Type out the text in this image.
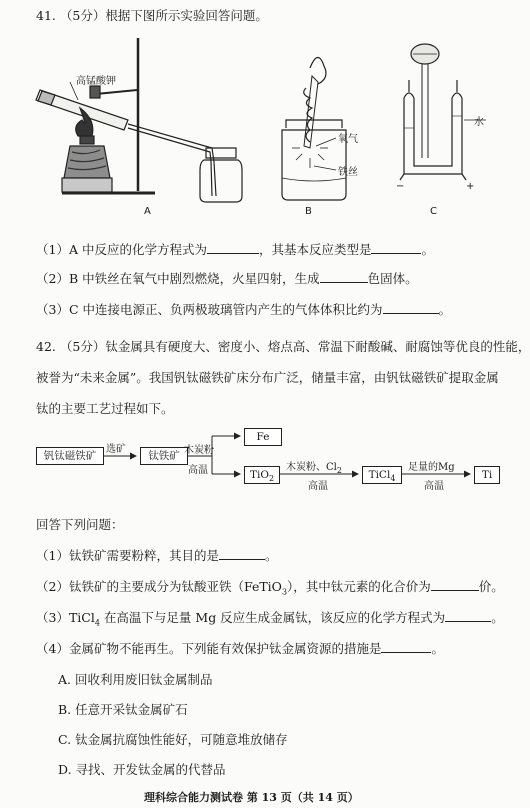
41. （5分）根据下图所示实验回答问题。
高锰酸钾
氧气
铁丝
水
−	+
A	B	C
（1）A 中反应的化学方程式为	，其基本反应类型是	。
（2）B 中铁丝在氧气中剧烈燃烧，火星四射，生成	色固体。
（3）C 中连接电源正、负两极玻璃管内产生的气体体积比约为	。
42. （5分）钛金属具有硬度大、密度小、熔点高、常温下耐酸碱、耐腐蚀等优良的性能，
被誉为“未来金属”。我国钒钛磁铁矿床分布广泛，储量丰富，由钒钛磁铁矿提取金属
钛的主要工艺过程如下。
钒钛磁铁矿
选矿
钛铁矿 木炭粉
高温
Fe
TiO$_2$
木炭粉、$Cl_2$
高温
TiCl$_4$
足量的Mg
高温
Ti
回答下列问题：
（1）钛铁矿需要粉粹，其目的是	。
（2）钛铁矿的主要成分为钛酸亚铁（FeTiO$_3$），其中钛元素的化合价为	价。
（3）TiCl$_4$ 在高温下与足量 Mg 反应生成金属钛，该反应的化学方程式为	。
（4）金属矿物不能再生。下列能有效保护钛金属资源的措施是	。
A. 回收利用废旧钛金属制品
B. 任意开采钛金属矿石
C. 钛金属抗腐蚀性能好，可随意堆放储存
D. 寻找、开发钛金属的代替品
理科综合能力测试卷 第 13 页（共 14 页）
